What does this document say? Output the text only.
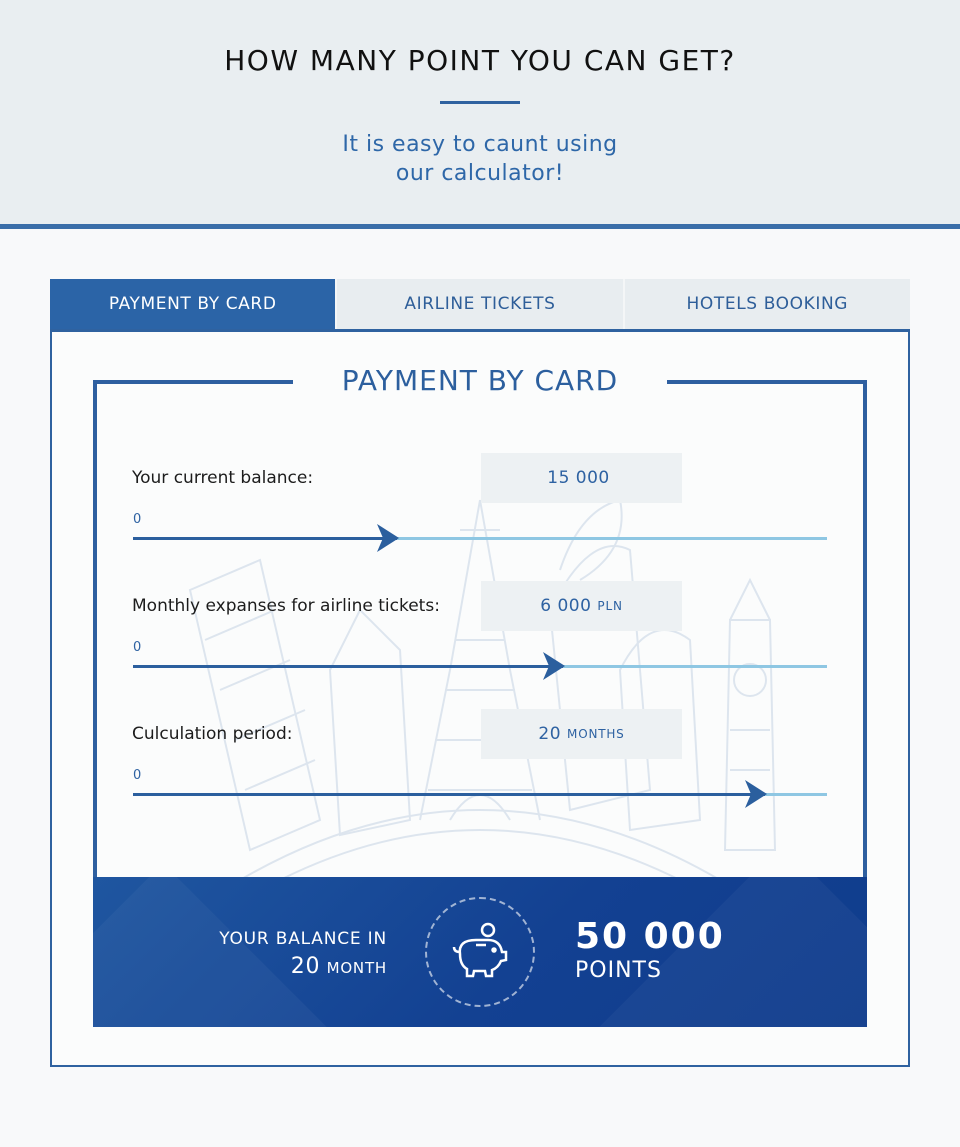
HOW MANY POINT YOU CAN GET?
It is easy to caunt using
our calculator!
PAYMENT BY CARD	AIRLINE TICKETS	HOTELS BOOKING
PAYMENT BY CARD
Your current balance:	15 000
0
Monthly expanses for airline tickets:	6 000 PLN
0
Culculation period:	20 MONTHS
0
YOUR BALANCE IN
20 MONTH
50 000
POINTS
